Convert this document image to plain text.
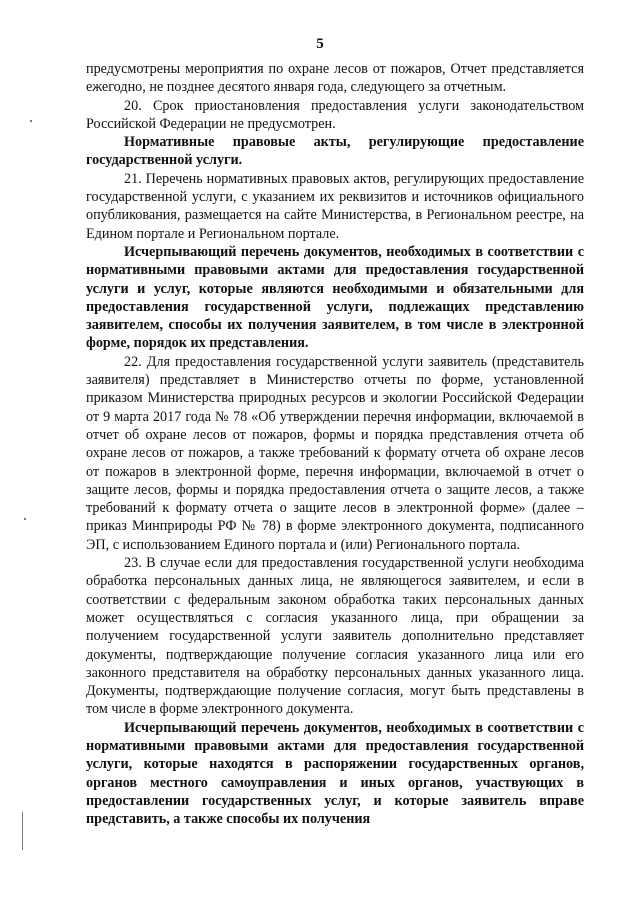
5

предусмотрены мероприятия по охране лесов от пожаров, Отчет представляется ежегодно, не позднее десятого января года, следующего за отчетным.

20. Срок приостановления предоставления услуги законодательством Российской Федерации не предусмотрен.

Нормативные правовые акты, регулирующие предоставление государственной услуги.

21. Перечень нормативных правовых актов, регулирующих предоставление государственной услуги, с указанием их реквизитов и источников официального опубликования, размещается на сайте Министерства, в Региональном реестре, на Едином портале и Региональном портале.

Исчерпывающий перечень документов, необходимых в соответствии с нормативными правовыми актами для предоставления государственной услуги и услуг, которые являются необходимыми и обязательными для предоставления государственной услуги, подлежащих представлению заявителем, способы их получения заявителем, в том числе в электронной форме, порядок их представления.

22. Для предоставления государственной услуги заявитель (представитель заявителя) представляет в Министерство отчеты по форме, установленной приказом Министерства природных ресурсов и экологии Российской Федерации от 9 марта 2017 года № 78 «Об утверждении перечня информации, включаемой в отчет об охране лесов от пожаров, формы и порядка представления отчета об охране лесов от пожаров, а также требований к формату отчета об охране лесов от пожаров в электронной форме, перечня информации, включаемой в отчет о защите лесов, формы и порядка предоставления отчета о защите лесов, а также требований к формату отчета о защите лесов в электронной форме» (далее – приказ Минприроды РФ № 78) в форме электронного документа, подписанного ЭП, с использованием Единого портала и (или) Регионального портала.

23. В случае если для предоставления государственной услуги необходима обработка персональных данных лица, не являющегося заявителем, и если в соответствии с федеральным законом обработка таких персональных данных может осуществляться с согласия указанного лица, при обращении за получением государственной услуги заявитель дополнительно представляет документы, подтверждающие получение согласия указанного лица или его законного представителя на обработку персональных данных указанного лица. Документы, подтверждающие получение согласия, могут быть представлены в том числе в форме электронного документа.

Исчерпывающий перечень документов, необходимых в соответствии с нормативными правовыми актами для предоставления государственной услуги, которые находятся в распоряжении государственных органов, органов местного самоуправления и иных органов, участвующих в предоставлении государственных услуг, и которые заявитель вправе представить, а также способы их получения
